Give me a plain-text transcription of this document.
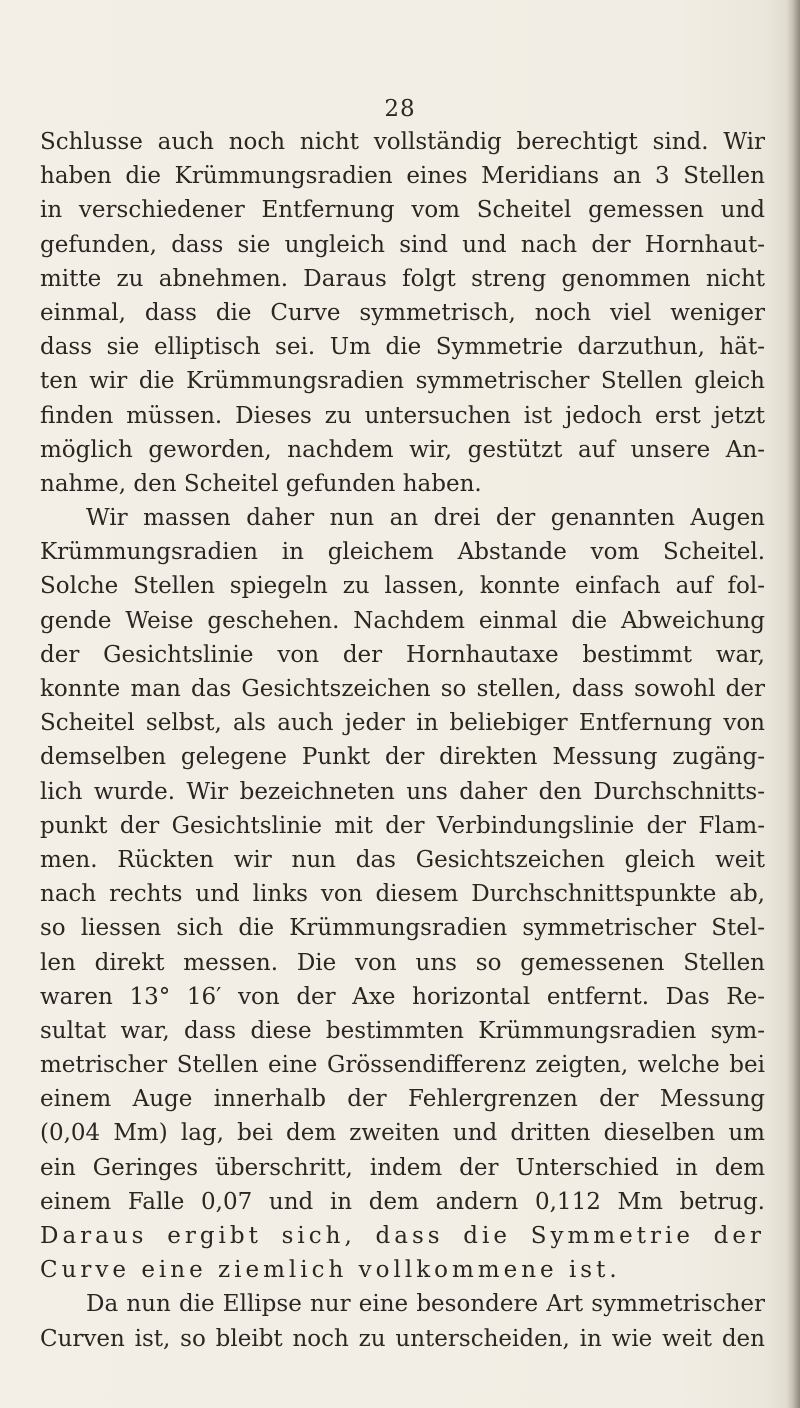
28
Schlusse auch noch nicht vollständig berechtigt sind. Wir
haben die Krümmungsradien eines Meridians an 3 Stellen
in verschiedener Entfernung vom Scheitel gemessen und
gefunden, dass sie ungleich sind und nach der Hornhaut-
mitte zu abnehmen. Daraus folgt streng genommen nicht
einmal, dass die Curve symmetrisch, noch viel weniger
dass sie elliptisch sei. Um die Symmetrie darzuthun, hät-
ten wir die Krümmungsradien symmetrischer Stellen gleich
finden müssen. Dieses zu untersuchen ist jedoch erst jetzt
möglich geworden, nachdem wir, gestützt auf unsere An-
nahme, den Scheitel gefunden haben.
Wir massen daher nun an drei der genannten Augen
Krümmungsradien in gleichem Abstande vom Scheitel.
Solche Stellen spiegeln zu lassen, konnte einfach auf fol-
gende Weise geschehen. Nachdem einmal die Abweichung
der Gesichtslinie von der Hornhautaxe bestimmt war,
konnte man das Gesichtszeichen so stellen, dass sowohl der
Scheitel selbst, als auch jeder in beliebiger Entfernung von
demselben gelegene Punkt der direkten Messung zugäng-
lich wurde. Wir bezeichneten uns daher den Durchschnitts-
punkt der Gesichtslinie mit der Verbindungslinie der Flam-
men. Rückten wir nun das Gesichtszeichen gleich weit
nach rechts und links von diesem Durchschnittspunkte ab,
so liessen sich die Krümmungsradien symmetrischer Stel-
len direkt messen. Die von uns so gemessenen Stellen
waren 13° 16′ von der Axe horizontal entfernt. Das Re-
sultat war, dass diese bestimmten Krümmungsradien sym-
metrischer Stellen eine Grössendifferenz zeigten, welche bei
einem Auge innerhalb der Fehlergrenzen der Messung
(0,04 Mm) lag, bei dem zweiten und dritten dieselben um
ein Geringes überschritt, indem der Unterschied in dem
einem Falle 0,07 und in dem andern 0,112 Mm betrug.
Daraus ergibt sich, dass die Symmetrie der
Curve eine ziemlich vollkommene ist.
Da nun die Ellipse nur eine besondere Art symmetrischer
Curven ist, so bleibt noch zu unterscheiden, in wie weit den
